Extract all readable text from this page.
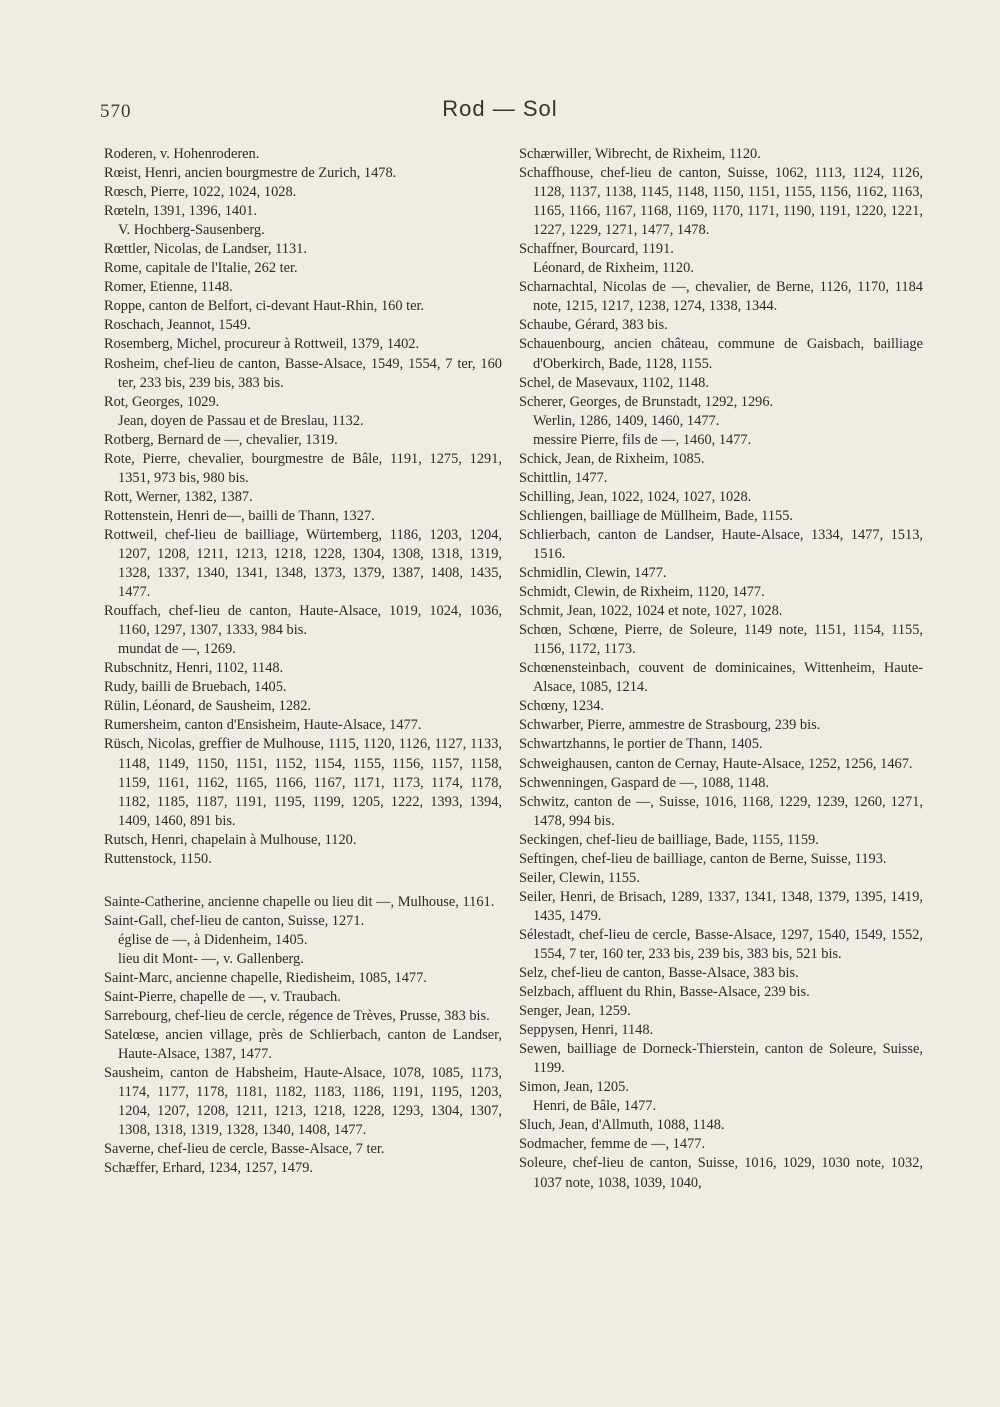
570	Rod — Sol

Roderen, v. Hohenroderen.

Rœist, Henri, ancien bourgmestre de Zurich, 1478.

Rœsch, Pierre, 1022, 1024, 1028.

Rœteln, 1391, 1396, 1401.

V. Hochberg-Sausenberg.

Rœttler, Nicolas, de Landser, 1131.

Rome, capitale de l'Italie, 262 ter.

Romer, Etienne, 1148.

Roppe, canton de Belfort, ci-devant Haut-Rhin, 160 ter.

Roschach, Jeannot, 1549.

Rosemberg, Michel, procureur à Rottweil, 1379, 1402.

Rosheim, chef-lieu de canton, Basse-Alsace, 1549, 1554, 7 ter, 160 ter, 233 bis, 239 bis, 383 bis.

Rot, Georges, 1029.

Jean, doyen de Passau et de Breslau, 1132.

Rotberg, Bernard de —, chevalier, 1319.

Rote, Pierre, chevalier, bourgmestre de Bâle, 1191, 1275, 1291, 1351, 973 bis, 980 bis.

Rott, Werner, 1382, 1387.

Rottenstein, Henri de—, bailli de Thann, 1327.

Rottweil, chef-lieu de bailliage, Würtemberg, 1186, 1203, 1204, 1207, 1208, 1211, 1213, 1218, 1228, 1304, 1308, 1318, 1319, 1328, 1337, 1340, 1341, 1348, 1373, 1379, 1387, 1408, 1435, 1477.

Rouffach, chef-lieu de canton, Haute-Alsace, 1019, 1024, 1036, 1160, 1297, 1307, 1333, 984 bis.

mundat de —, 1269.

Rubschnitz, Henri, 1102, 1148.

Rudy, bailli de Bruebach, 1405.

Rülin, Léonard, de Sausheim, 1282.

Rumersheim, canton d'Ensisheim, Haute-Alsace, 1477.

Rüsch, Nicolas, greffier de Mulhouse, 1115, 1120, 1126, 1127, 1133, 1148, 1149, 1150, 1151, 1152, 1154, 1155, 1156, 1157, 1158, 1159, 1161, 1162, 1165, 1166, 1167, 1171, 1173, 1174, 1178, 1182, 1185, 1187, 1191, 1195, 1199, 1205, 1222, 1393, 1394, 1409, 1460, 891 bis.

Rutsch, Henri, chapelain à Mulhouse, 1120.

Ruttenstock, 1150.

Sainte-Catherine, ancienne chapelle ou lieu dit —, Mulhouse, 1161.

Saint-Gall, chef-lieu de canton, Suisse, 1271.

église de —, à Didenheim, 1405.

lieu dit Mont- —, v. Gallenberg.

Saint-Marc, ancienne chapelle, Riedisheim, 1085, 1477.

Saint-Pierre, chapelle de —, v. Traubach.

Sarrebourg, chef-lieu de cercle, régence de Trèves, Prusse, 383 bis.

Satelœse, ancien village, près de Schlierbach, canton de Landser, Haute-Alsace, 1387, 1477.

Sausheim, canton de Habsheim, Haute-Alsace, 1078, 1085, 1173, 1174, 1177, 1178, 1181, 1182, 1183, 1186, 1191, 1195, 1203, 1204, 1207, 1208, 1211, 1213, 1218, 1228, 1293, 1304, 1307, 1308, 1318, 1319, 1328, 1340, 1408, 1477.

Saverne, chef-lieu de cercle, Basse-Alsace, 7 ter.

Schæffer, Erhard, 1234, 1257, 1479.

Schærwiller, Wibrecht, de Rixheim, 1120.

Schaffhouse, chef-lieu de canton, Suisse, 1062, 1113, 1124, 1126, 1128, 1137, 1138, 1145, 1148, 1150, 1151, 1155, 1156, 1162, 1163, 1165, 1166, 1167, 1168, 1169, 1170, 1171, 1190, 1191, 1220, 1221, 1227, 1229, 1271, 1477, 1478.

Schaffner, Bourcard, 1191.

Léonard, de Rixheim, 1120.

Scharnachtal, Nicolas de —, chevalier, de Berne, 1126, 1170, 1184 note, 1215, 1217, 1238, 1274, 1338, 1344.

Schaube, Gérard, 383 bis.

Schauenbourg, ancien château, commune de Gaisbach, bailliage d'Oberkirch, Bade, 1128, 1155.

Schel, de Masevaux, 1102, 1148.

Scherer, Georges, de Brunstadt, 1292, 1296.

Werlin, 1286, 1409, 1460, 1477.

messire Pierre, fils de —, 1460, 1477.

Schick, Jean, de Rixheim, 1085.

Schittlin, 1477.

Schilling, Jean, 1022, 1024, 1027, 1028.

Schliengen, bailliage de Müllheim, Bade, 1155.

Schlierbach, canton de Landser, Haute-Alsace, 1334, 1477, 1513, 1516.

Schmidlin, Clewin, 1477.

Schmidt, Clewin, de Rixheim, 1120, 1477.

Schmit, Jean, 1022, 1024 et note, 1027, 1028.

Schœn, Schœne, Pierre, de Soleure, 1149 note, 1151, 1154, 1155, 1156, 1172, 1173.

Schœnensteinbach, couvent de dominicaines, Wittenheim, Haute-Alsace, 1085, 1214.

Schœny, 1234.

Schwarber, Pierre, ammestre de Strasbourg, 239 bis.

Schwartzhanns, le portier de Thann, 1405.

Schweighausen, canton de Cernay, Haute-Alsace, 1252, 1256, 1467.

Schwenningen, Gaspard de —, 1088, 1148.

Schwitz, canton de —, Suisse, 1016, 1168, 1229, 1239, 1260, 1271, 1478, 994 bis.

Seckingen, chef-lieu de bailliage, Bade, 1155, 1159.

Seftingen, chef-lieu de bailliage, canton de Berne, Suisse, 1193.

Seiler, Clewin, 1155.

Seiler, Henri, de Brisach, 1289, 1337, 1341, 1348, 1379, 1395, 1419, 1435, 1479.

Sélestadt, chef-lieu de cercle, Basse-Alsace, 1297, 1540, 1549, 1552, 1554, 7 ter, 160 ter, 233 bis, 239 bis, 383 bis, 521 bis.

Selz, chef-lieu de canton, Basse-Alsace, 383 bis.

Selzbach, affluent du Rhin, Basse-Alsace, 239 bis.

Senger, Jean, 1259.

Seppysen, Henri, 1148.

Sewen, bailliage de Dorneck-Thierstein, canton de Soleure, Suisse, 1199.

Simon, Jean, 1205.

Henri, de Bâle, 1477.

Sluch, Jean, d'Allmuth, 1088, 1148.

Sodmacher, femme de —, 1477.

Soleure, chef-lieu de canton, Suisse, 1016, 1029, 1030 note, 1032, 1037 note, 1038, 1039, 1040,
